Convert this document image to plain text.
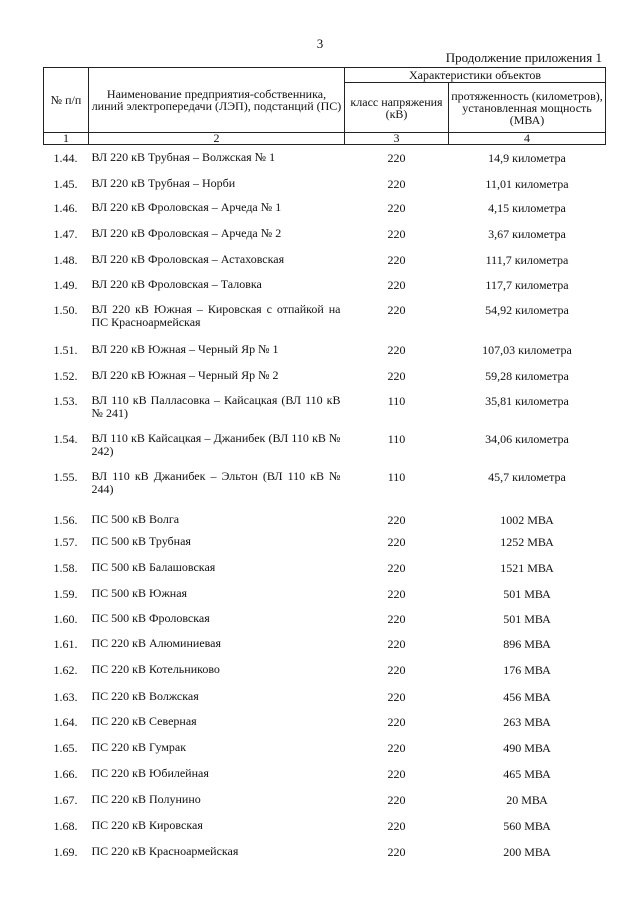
3
Продолжение приложения 1
№ п/п	Наименование предприятия-собственника, линий электропередачи (ЛЭП), подстанций (ПС)	Характеристики объектов	
		класс напряжения (кВ)	протяженность (километров), установленная мощность (МВА)
1	2	3	4
1.44.	ВЛ 220 кВ Трубная – Волжская № 1	220	14,9 километра
1.45.	ВЛ 220 кВ Трубная – Норби	220	11,01 километра
1.46.	ВЛ 220 кВ Фроловская – Арчеда № 1	220	4,15 километра
1.47.	ВЛ 220 кВ Фроловская – Арчеда № 2	220	3,67 километра
1.48.	ВЛ 220 кВ Фроловская – Астаховская	220	111,7 километра
1.49.	ВЛ 220 кВ Фроловская – Таловка	220	117,7 километра
1.50.	ВЛ 220 кВ Южная – Кировская с отпайкой на ПС Красноармейская	220	54,92 километра
1.51.	ВЛ 220 кВ Южная – Черный Яр № 1	220	107,03 километра
1.52.	ВЛ 220 кВ Южная – Черный Яр № 2	220	59,28 километра
1.53.	ВЛ 110 кВ Палласовка – Кайсацкая (ВЛ 110 кВ № 241)	110	35,81 километра
1.54.	ВЛ 110 кВ Кайсацкая – Джанибек (ВЛ 110 кВ № 242)	110	34,06 километра
1.55.	ВЛ 110 кВ Джанибек – Эльтон (ВЛ 110 кВ № 244)	110	45,7 километра
1.56.	ПС 500 кВ Волга	220	1002 МВА
1.57.	ПС 500 кВ Трубная	220	1252 МВА
1.58.	ПС 500 кВ Балашовская	220	1521 МВА
1.59.	ПС 500 кВ Южная	220	501 МВА
1.60.	ПС 500 кВ Фроловская	220	501 МВА
1.61.	ПС 220 кВ Алюминиевая	220	896 МВА
1.62.	ПС 220 кВ Котельниково	220	176 МВА
1.63.	ПС 220 кВ Волжская	220	456 МВА
1.64.	ПС 220 кВ Северная	220	263 МВА
1.65.	ПС 220 кВ Гумрак	220	490 МВА
1.66.	ПС 220 кВ Юбилейная	220	465 МВА
1.67.	ПС 220 кВ Полунино	220	20 МВА
1.68.	ПС 220 кВ Кировская	220	560 МВА
1.69.	ПС 220 кВ Красноармейская	220	200 МВА
